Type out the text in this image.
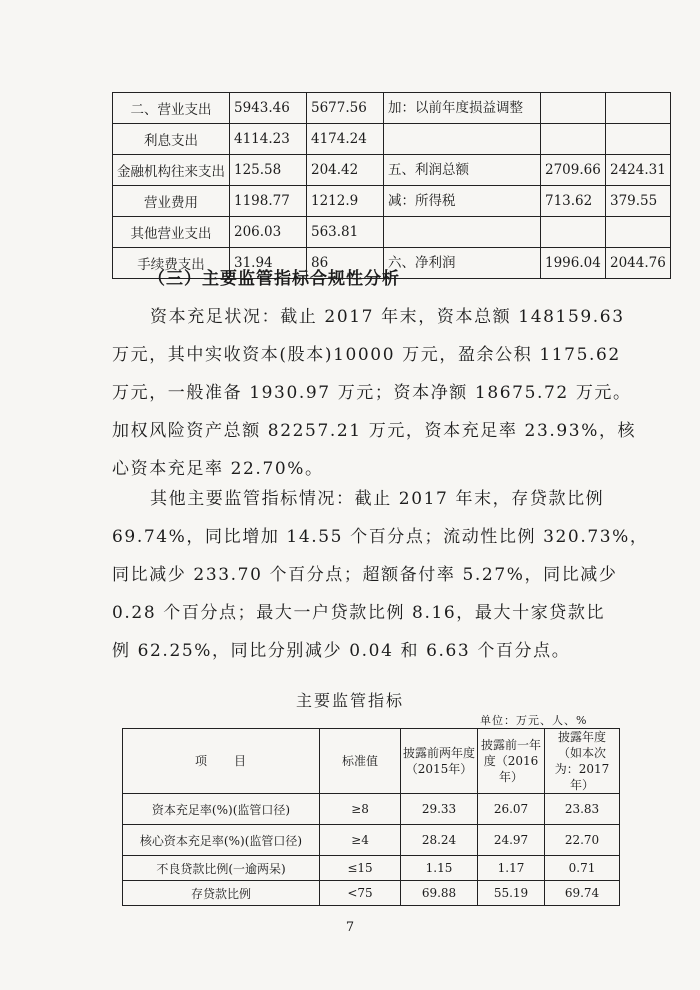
二、营业支出	5943.46	5677.56	加：以前年度损益调整		
利息支出	4114.23	4174.24			
金融机构往来支出	125.58	204.42	五、利润总额	2709.66	2424.31
营业费用	1198.77	1212.9	减：所得税	713.62	379.55
其他营业支出	206.03	563.81			
手续费支出	31.94	86	六、净利润	1996.04	2044.76
（三）主要监管指标合规性分析
资本充足状况：截止 2017 年末，资本总额 148159.63
万元，其中实收资本(股本)10000 万元，盈余公积 1175.62
万元，一般准备 1930.97 万元；资本净额 18675.72 万元。
加权风险资产总额 82257.21 万元，资本充足率 23.93%，核
心资本充足率 22.70%。
其他主要监管指标情况：截止 2017 年末，存贷款比例
69.74%，同比增加 14.55 个百分点；流动性比例 320.73%，
同比减少 233.70 个百分点；超额备付率 5.27%，同比减少
0.28 个百分点；最大一户贷款比例 8.16，最大十家贷款比
例 62.25%，同比分别减少 0.04 和 6.63 个百分点。
主要监管指标
单位：万元、人、%
项　　目	标准值	披露前两年度（2015年）	披露前一年度（2016年）	披露年度（如本次为：2017年）
资本充足率(%)(监管口径)	≥8	29.33	26.07	23.83
核心资本充足率(%)(监管口径)	≥4	28.24	24.97	22.70
不良贷款比例(一逾两呆)	≤15	1.15	1.17	0.71
存贷款比例	<75	69.88	55.19	69.74
7
